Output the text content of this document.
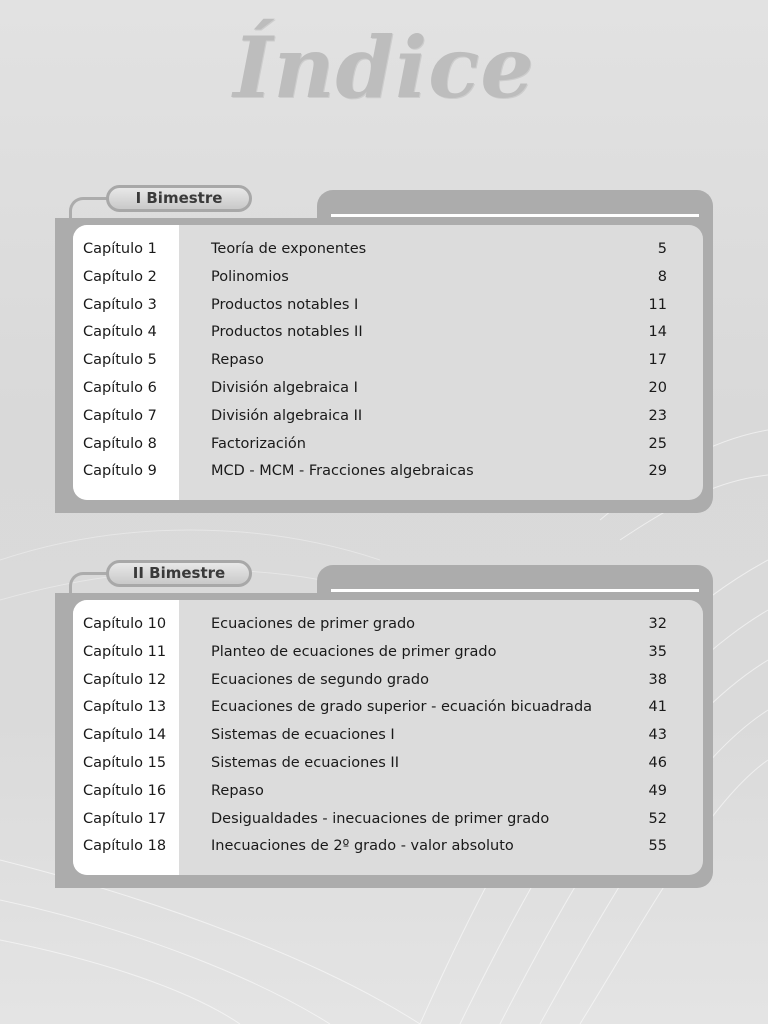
Índice
I Bimestre
Capítulo 1	Teoría de exponentes	5
Capítulo 2	Polinomios	8
Capítulo 3	Productos notables I	11
Capítulo 4	Productos notables II	14
Capítulo 5	Repaso	17
Capítulo 6	División algebraica I	20
Capítulo 7	División algebraica II	23
Capítulo 8	Factorización	25
Capítulo 9	MCD - MCM - Fracciones algebraicas	29
II Bimestre
Capítulo 10	Ecuaciones de primer grado	32
Capítulo 11	Planteo de ecuaciones de primer grado	35
Capítulo 12	Ecuaciones de segundo grado	38
Capítulo 13	Ecuaciones de grado superior - ecuación bicuadrada	41
Capítulo 14	Sistemas de ecuaciones I	43
Capítulo 15	Sistemas de ecuaciones II	46
Capítulo 16	Repaso	49
Capítulo 17	Desigualdades - inecuaciones de primer grado	52
Capítulo 18	Inecuaciones de 2º grado - valor absoluto	55
